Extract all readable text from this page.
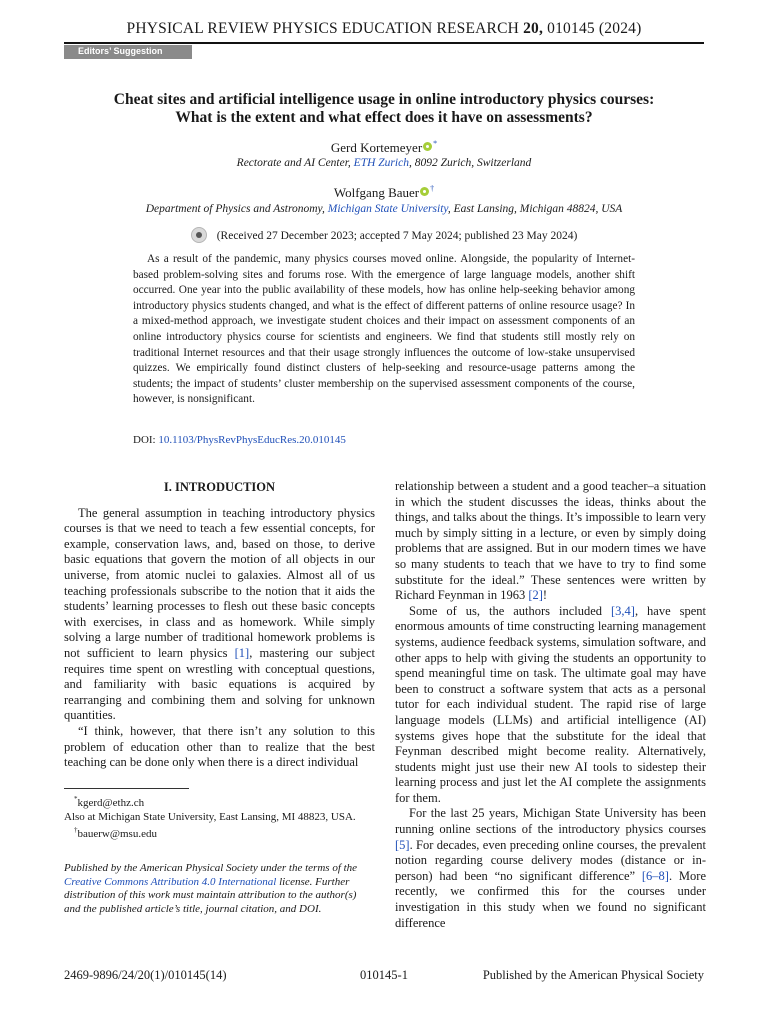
PHYSICAL REVIEW PHYSICS EDUCATION RESEARCH 20, 010145 (2024)
Editors’ Suggestion
Cheat sites and artificial intelligence usage in online introductory physics courses:
What is the extent and what effect does it have on assessments?
Gerd Kortemeyer *
Rectorate and AI Center, ETH Zurich, 8092 Zurich, Switzerland
Wolfgang Bauer †
Department of Physics and Astronomy, Michigan State University, East Lansing, Michigan 48824, USA
(Received 27 December 2023; accepted 7 May 2024; published 23 May 2024)
As a result of the pandemic, many physics courses moved online. Alongside, the popularity of Internet-based problem-solving sites and forums rose. With the emergence of large language models, another shift occurred. One year into the public availability of these models, how has online help-seeking behavior among introductory physics students changed, and what is the effect of different patterns of online resource usage? In a mixed-method approach, we investigate student choices and their impact on assessment components of an online introductory physics course for scientists and engineers. We find that students still mostly rely on traditional Internet resources and that their usage strongly influences the outcome of low-stake unsupervised quizzes. We empirically found distinct clusters of help-seeking and resource-usage patterns among the students; the impact of students’ cluster membership on the supervised assessment components of the course, however, is nonsignificant.
DOI: 10.1103/PhysRevPhysEducRes.20.010145
I. INTRODUCTION

The general assumption in teaching introductory physics courses is that we need to teach a few essential concepts, for example, conservation laws, and, based on those, to derive basic equations that govern the motion of all objects in our universe, from atomic nuclei to galaxies. Almost all of us teaching professionals subscribe to the notion that it aids the students’ learning processes to flesh out these basic concepts with exercises, in class and as homework. While simply solving a large number of traditional homework problems is not sufficient to learn physics [1], mastering our subject requires time spent on wrestling with conceptual questions, and familiarity with basic equations is acquired by rearranging and combining them and solving for unknown quantities.

“I think, however, that there isn’t any solution to this problem of education other than to realize that the best teaching can be done only when there is a direct individual

*kgerd@ethz.ch
Also at Michigan State University, East Lansing, MI 48823, USA.
†bauerw@msu.edu
Published by the American Physical Society under the terms of the Creative Commons Attribution 4.0 International license. Further distribution of this work must maintain attribution to the author(s) and the published article’s title, journal citation, and DOI.

relationship between a student and a good teacher–a situation in which the student discusses the ideas, thinks about the things, and talks about the things. It’s impossible to learn very much by simply sitting in a lecture, or even by simply doing problems that are assigned. But in our modern times we have so many students to teach that we have to try to find some substitute for the ideal.” These sentences were written by Richard Feynman in 1963 [2]!

Some of us, the authors included [3,4], have spent enormous amounts of time constructing learning management systems, audience feedback systems, simulation software, and other apps to help with giving the students an opportunity to spend meaningful time on task. The ultimate goal may have been to construct a software system that acts as a personal tutor for each individual student. The rapid rise of large language models (LLMs) and artificial intelligence (AI) systems gives hope that the substitute for the ideal that Feynman described might become reality. Alternatively, students might just use their new AI tools to sidestep their learning process and just let the AI complete the assignments for them.

For the last 25 years, Michigan State University has been running online sections of the introductory physics courses [5]. For decades, even preceding online courses, the prevalent notion regarding course delivery modes (distance or in-person) had been “no significant difference” [6–8]. More recently, we confirmed this for the courses under investigation in this study when we found no significant difference

2469-9896/24/20(1)/010145(14)	010145-1	Published by the American Physical Society
